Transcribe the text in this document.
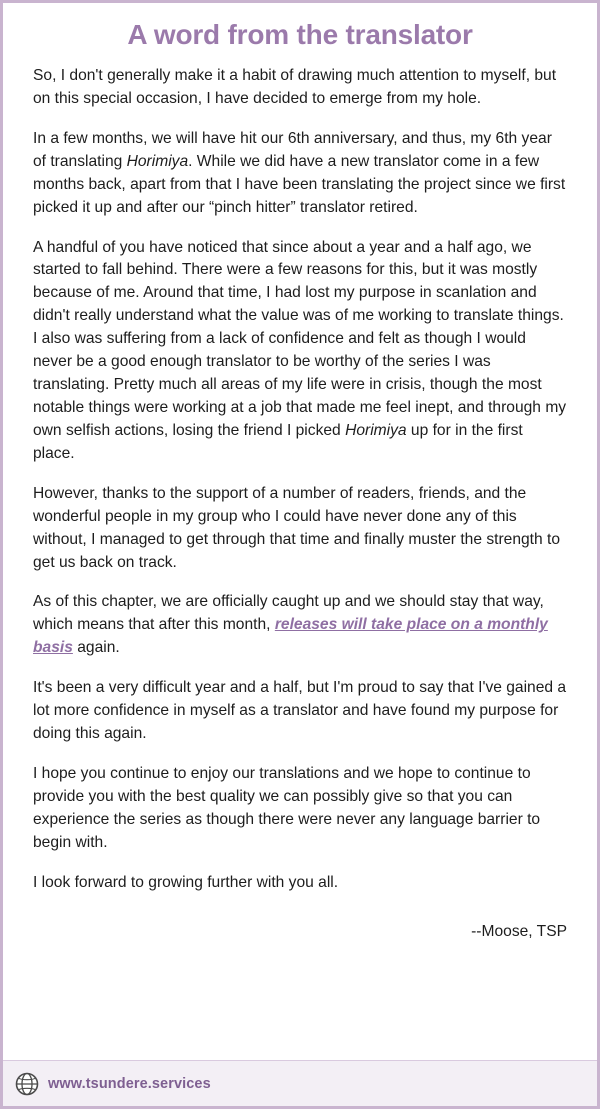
A word from the translator

So, I don't generally make it a habit of drawing much attention to myself, but on this special occasion, I have decided to emerge from my hole.

In a few months, we will have hit our 6th anniversary, and thus, my 6th year of translating Horimiya. While we did have a new translator come in a few months back, apart from that I have been translating the project since we first picked it up and after our “pinch hitter” translator retired.

A handful of you have noticed that since about a year and a half ago, we started to fall behind. There were a few reasons for this, but it was mostly because of me. Around that time, I had lost my purpose in scanlation and didn't really understand what the value was of me working to translate things. I also was suffering from a lack of confidence and felt as though I would never be a good enough translator to be worthy of the series I was translating. Pretty much all areas of my life were in crisis, though the most notable things were working at a job that made me feel inept, and through my own selfish actions, losing the friend I picked Horimiya up for in the first place.

However, thanks to the support of a number of readers, friends, and the wonderful people in my group who I could have never done any of this without, I managed to get through that time and finally muster the strength to get us back on track.

As of this chapter, we are officially caught up and we should stay that way, which means that after this month, releases will take place on a monthly basis again.

It's been a very difficult year and a half, but I'm proud to say that I've gained a lot more confidence in myself as a translator and have found my purpose for doing this again.

I hope you continue to enjoy our translations and we hope to continue to provide you with the best quality we can possibly give so that you can experience the series as though there were never any language barrier to begin with.

I look forward to growing further with you all.

--Moose, TSP
www.tsundere.services
